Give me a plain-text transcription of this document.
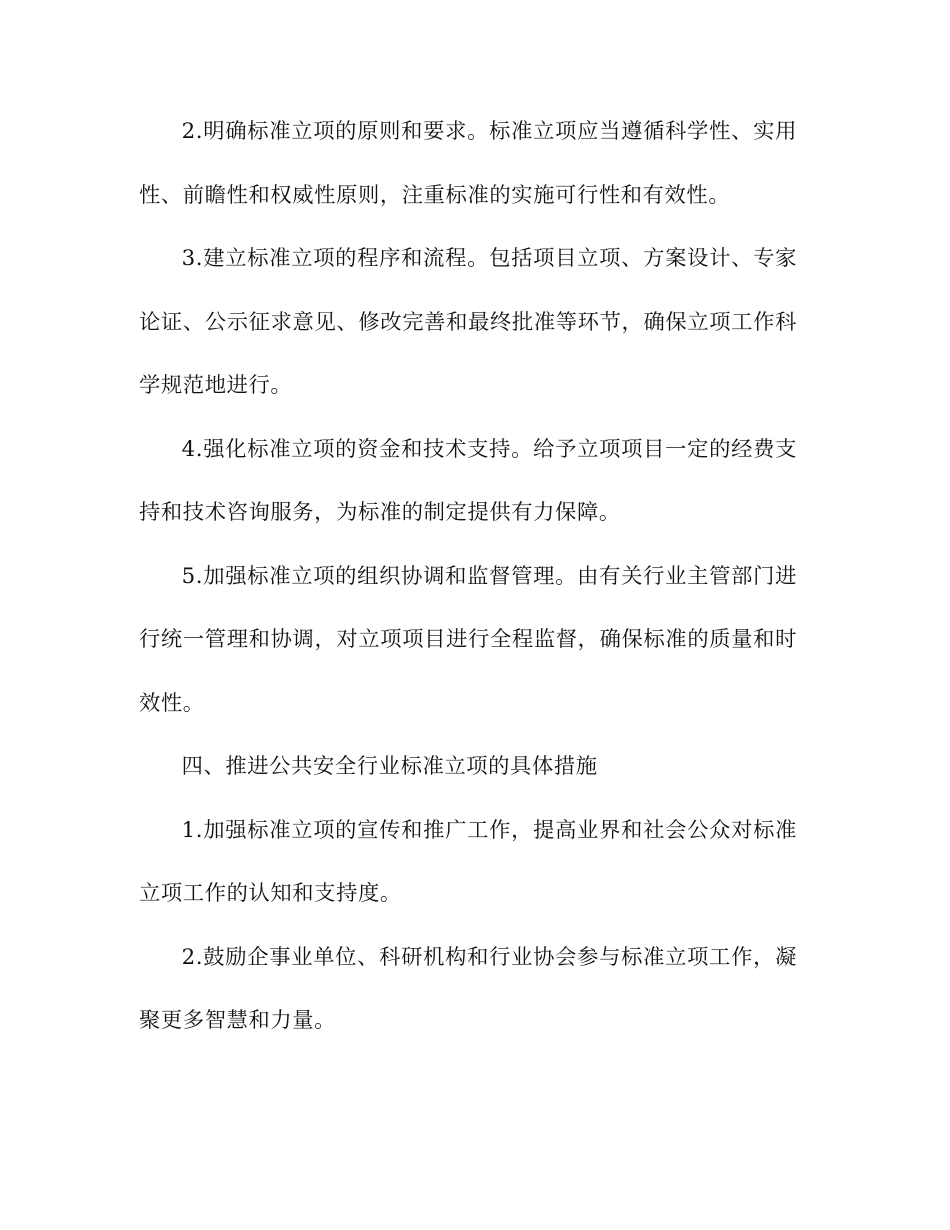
2.明确标准立项的原则和要求。标准立项应当遵循科学性、实用性、前瞻性和权威性原则，注重标准的实施可行性和有效性。

3.建立标准立项的程序和流程。包括项目立项、方案设计、专家论证、公示征求意见、修改完善和最终批准等环节，确保立项工作科学规范地进行。

4.强化标准立项的资金和技术支持。给予立项项目一定的经费支持和技术咨询服务，为标准的制定提供有力保障。

5.加强标准立项的组织协调和监督管理。由有关行业主管部门进行统一管理和协调，对立项项目进行全程监督，确保标准的质量和时效性。

四、推进公共安全行业标准立项的具体措施

1.加强标准立项的宣传和推广工作，提高业界和社会公众对标准立项工作的认知和支持度。

2.鼓励企事业单位、科研机构和行业协会参与标准立项工作，凝聚更多智慧和力量。
